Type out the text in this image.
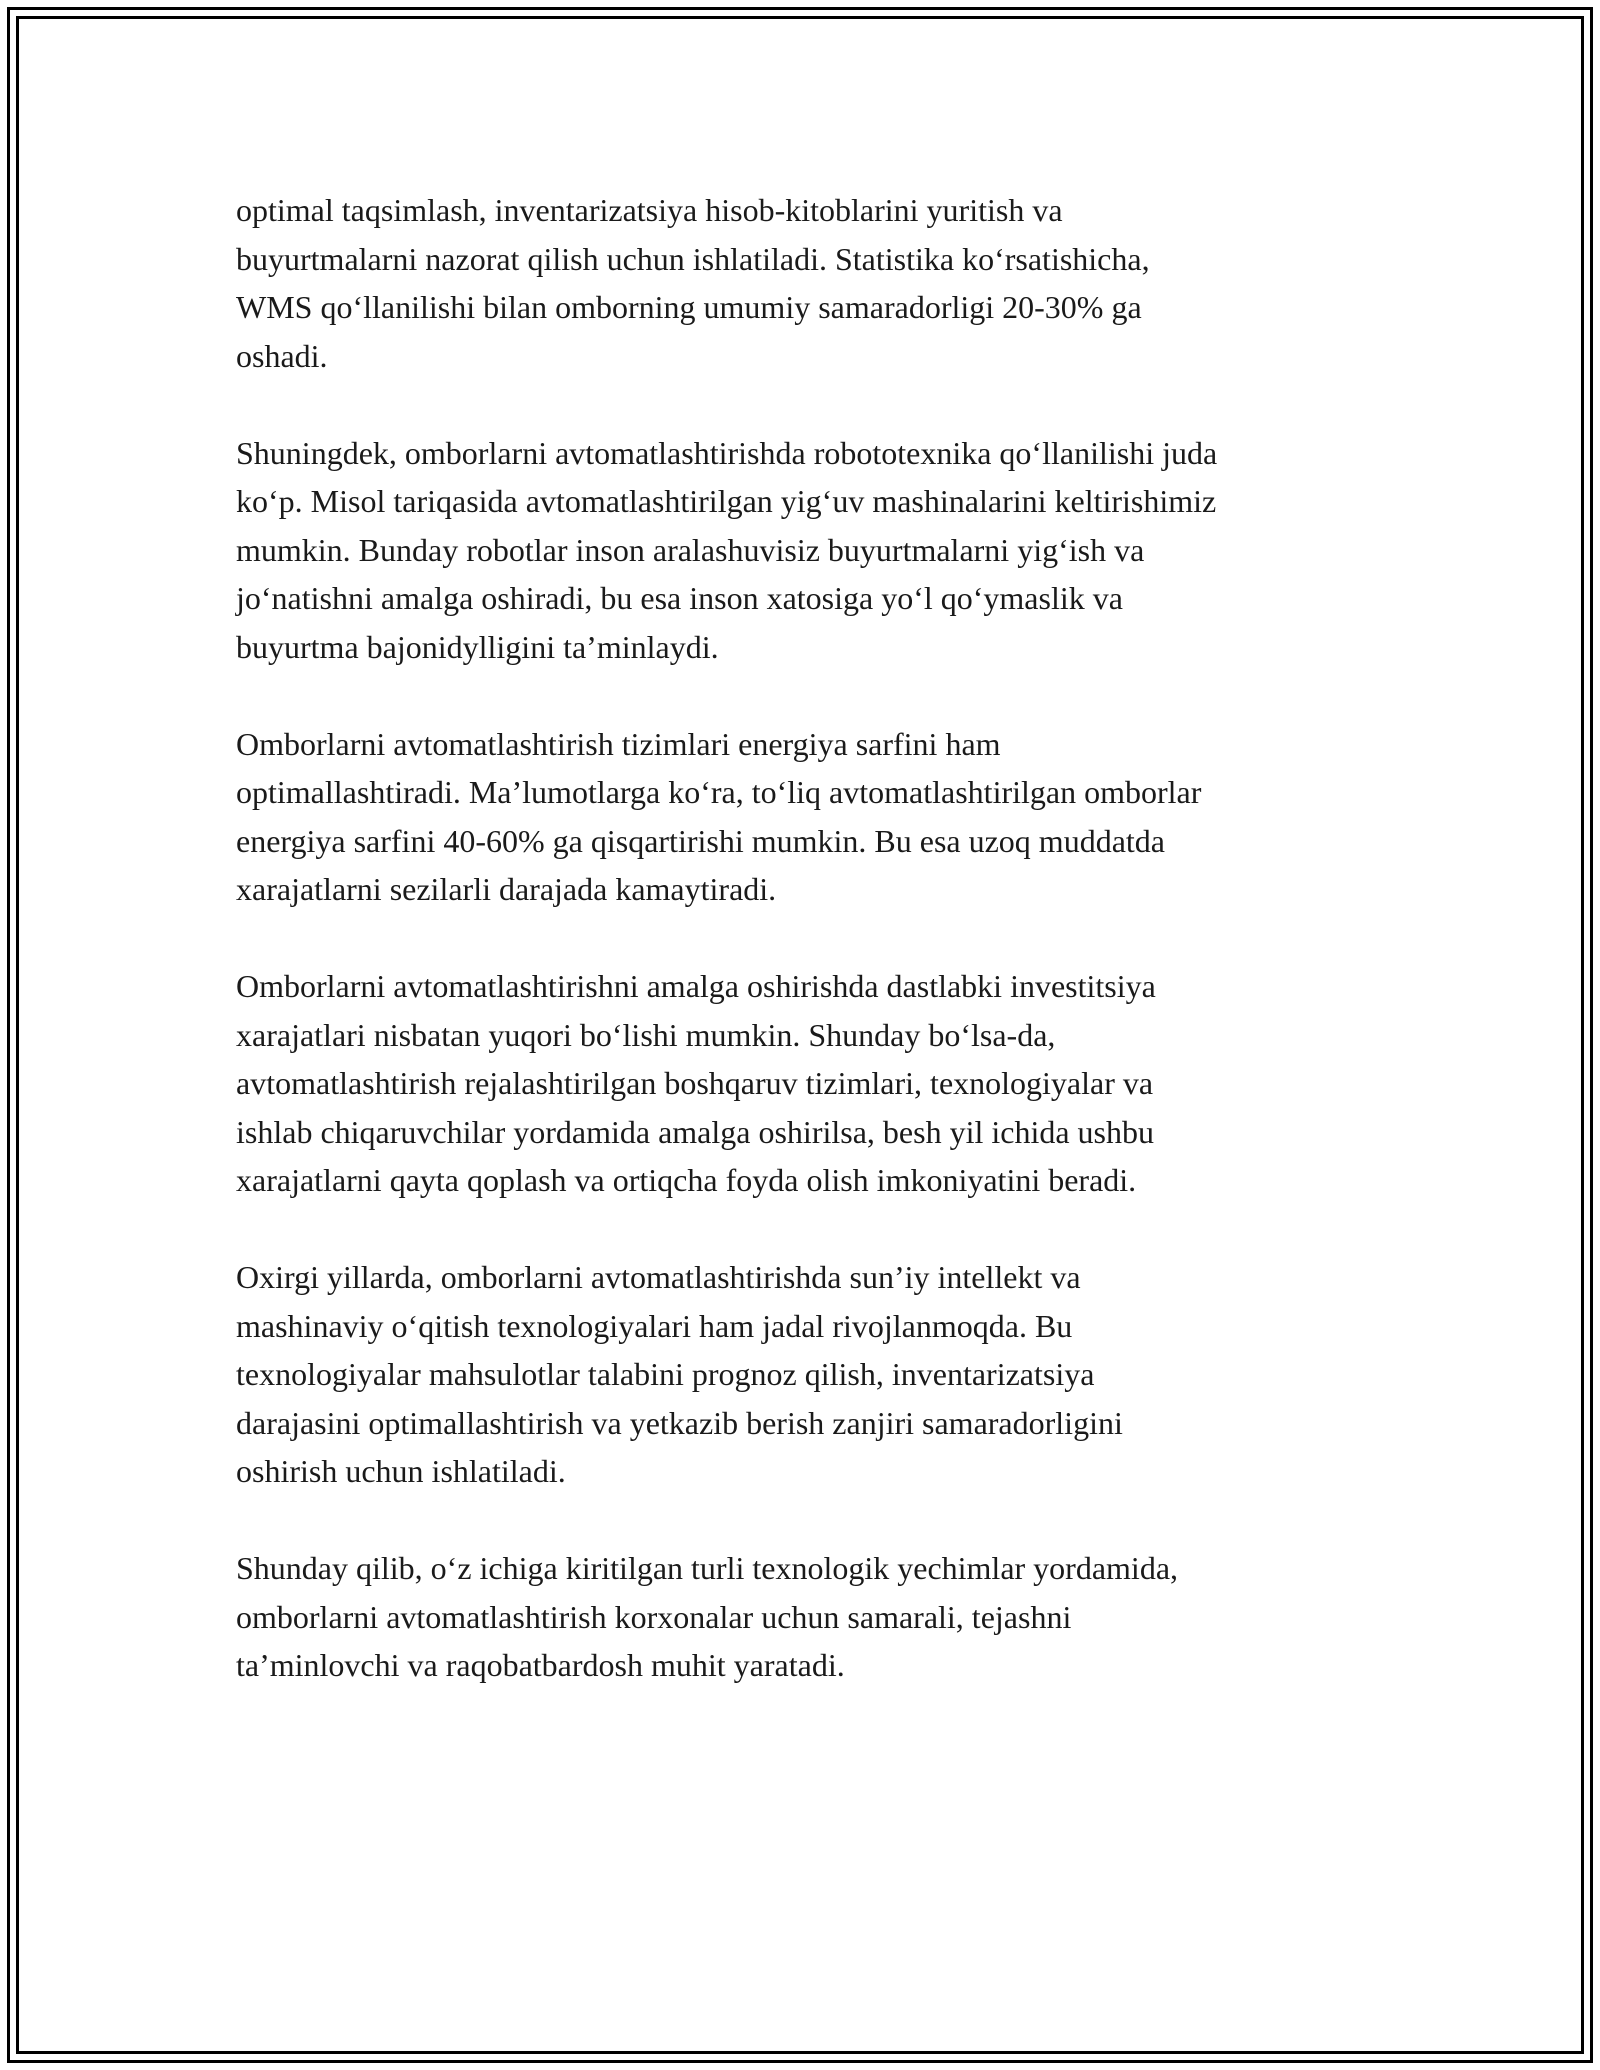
optimal taqsimlash, inventarizatsiya hisob-kitoblarini yuritish va
buyurtmalarni nazorat qilish uchun ishlatiladi. Statistika ko‘rsatishicha,
WMS qo‘llanilishi bilan omborning umumiy samaradorligi 20-30% ga
oshadi.

Shuningdek, omborlarni avtomatlashtirishda robototexnika qo‘llanilishi juda
ko‘p. Misol tariqasida avtomatlashtirilgan yig‘uv mashinalarini keltirishimiz
mumkin. Bunday robotlar inson aralashuvisiz buyurtmalarni yig‘ish va
jo‘natishni amalga oshiradi, bu esa inson xatosiga yo‘l qo‘ymaslik va
buyurtma bajonidylligini ta’minlaydi.

Omborlarni avtomatlashtirish tizimlari energiya sarfini ham
optimallashtiradi. Ma’lumotlarga ko‘ra, to‘liq avtomatlashtirilgan omborlar
energiya sarfini 40-60% ga qisqartirishi mumkin. Bu esa uzoq muddatda
xarajatlarni sezilarli darajada kamaytiradi.

Omborlarni avtomatlashtirishni amalga oshirishda dastlabki investitsiya
xarajatlari nisbatan yuqori bo‘lishi mumkin. Shunday bo‘lsa-da,
avtomatlashtirish rejalashtirilgan boshqaruv tizimlari, texnologiyalar va
ishlab chiqaruvchilar yordamida amalga oshirilsa, besh yil ichida ushbu
xarajatlarni qayta qoplash va ortiqcha foyda olish imkoniyatini beradi.

Oxirgi yillarda, omborlarni avtomatlashtirishda sun’iy intellekt va
mashinaviy o‘qitish texnologiyalari ham jadal rivojlanmoqda. Bu
texnologiyalar mahsulotlar talabini prognoz qilish, inventarizatsiya
darajasini optimallashtirish va yetkazib berish zanjiri samaradorligini
oshirish uchun ishlatiladi.

Shunday qilib, o‘z ichiga kiritilgan turli texnologik yechimlar yordamida,
omborlarni avtomatlashtirish korxonalar uchun samarali, tejashni
ta’minlovchi va raqobatbardosh muhit yaratadi.
